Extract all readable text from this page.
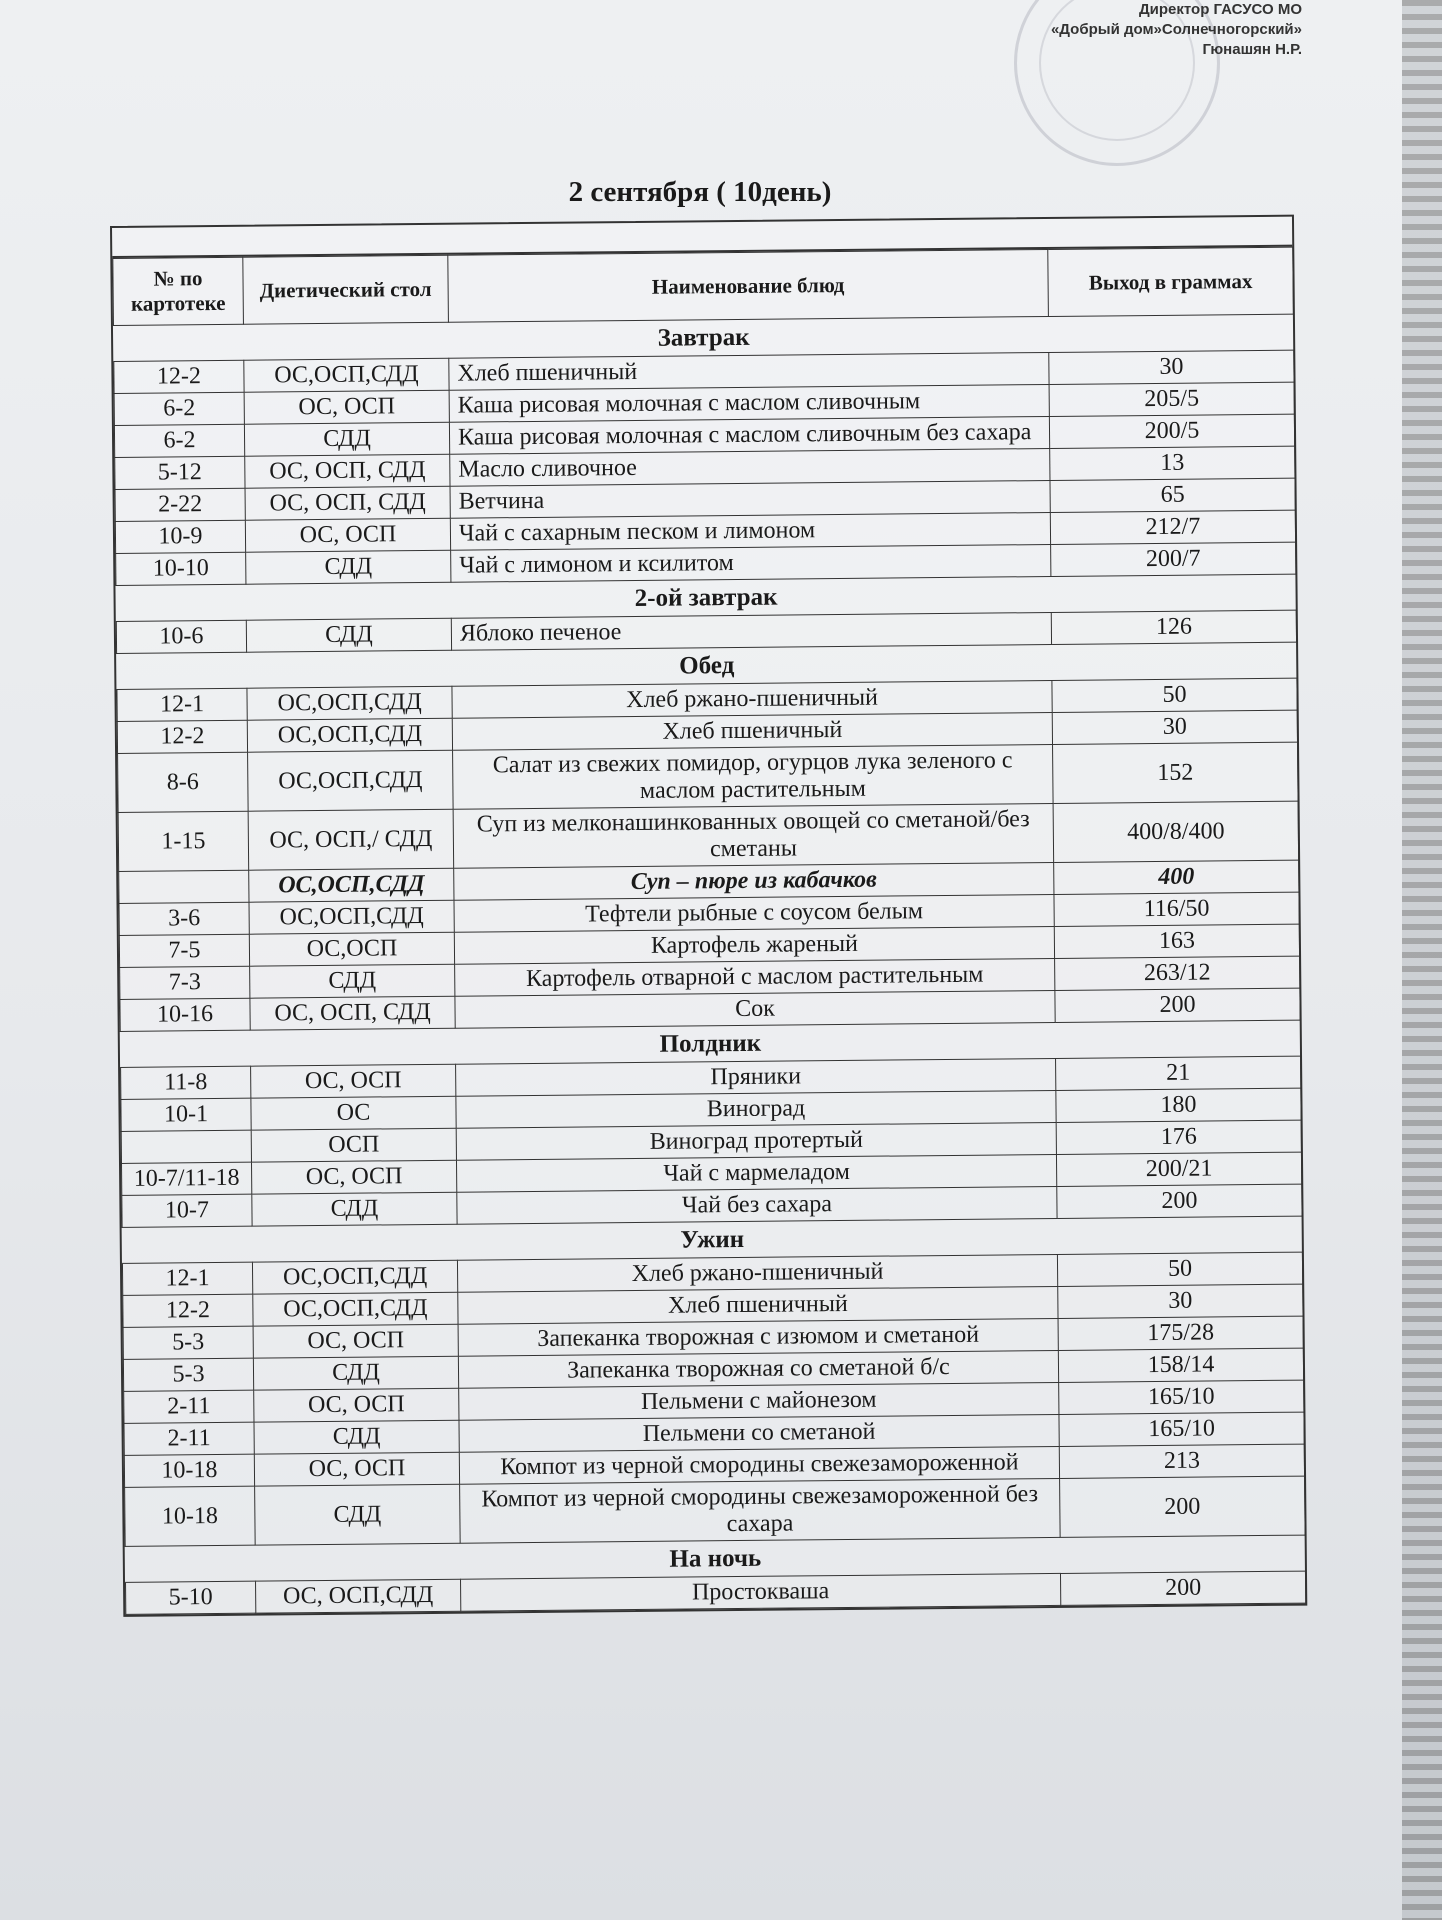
Директор ГАСУСО МО
«Добрый дом»Солнечногорский»
Гюнашян Н.Р.
2 сентября ( 10день)
№ по картотеке	Диетический стол	Наименование блюд	Выход в граммах
Завтрак			
12-2	ОС,ОСП,СДД	Хлеб пшеничный	30
6-2	ОС, ОСП	Каша рисовая молочная с маслом сливочным	205/5
6-2	СДД	Каша рисовая молочная с маслом сливочным без сахара	200/5
5-12	ОС, ОСП, СДД	Масло сливочное	13
2-22	ОС, ОСП, СДД	Ветчина	65
10-9	ОС, ОСП	Чай с сахарным песком и лимоном	212/7
10-10	СДД	Чай с лимоном и ксилитом	200/7
2-ой завтрак			
10-6	СДД	Яблоко печеное	126
Обед			
12-1	ОС,ОСП,СДД	Хлеб ржано-пшеничный	50
12-2	ОС,ОСП,СДД	Хлеб пшеничный	30
8-6	ОС,ОСП,СДД	Салат из свежих помидор, огурцов лука зеленого с маслом растительным	152
1-15	ОС, ОСП,/ СДД	Суп из мелконашинкованных овощей со сметаной/без сметаны	400/8/400
	ОС,ОСП,СДД	Суп – пюре из кабачков	400
3-6	ОС,ОСП,СДД	Тефтели рыбные с соусом белым	116/50
7-5	ОС,ОСП	Картофель жареный	163
7-3	СДД	Картофель отварной с маслом растительным	263/12
10-16	ОС, ОСП, СДД	Сок	200
Полдник			
11-8	ОС, ОСП	Пряники	21
10-1	ОС	Виноград	180
	ОСП	Виноград протертый	176
10-7/11-18	ОС, ОСП	Чай с мармеладом	200/21
10-7	СДД	Чай без сахара	200
Ужин			
12-1	ОС,ОСП,СДД	Хлеб ржано-пшеничный	50
12-2	ОС,ОСП,СДД	Хлеб пшеничный	30
5-3	ОС, ОСП	Запеканка творожная с изюмом и сметаной	175/28
5-3	СДД	Запеканка творожная со сметаной б/с	158/14
2-11	ОС, ОСП	Пельмени с майонезом	165/10
2-11	СДД	Пельмени со сметаной	165/10
10-18	ОС, ОСП	Компот из черной смородины свежезамороженной	213
10-18	СДД	Компот из черной смородины свежезамороженной без сахара	200
На ночь			
5-10	ОС, ОСП,СДД	Простокваша	200
